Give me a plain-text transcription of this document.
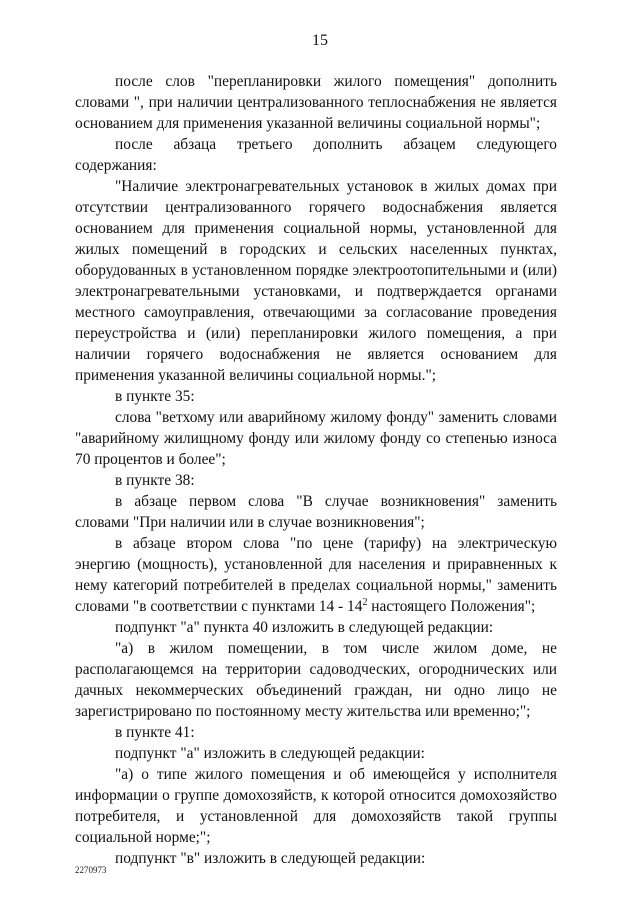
15

после слов "перепланировки жилого помещения" дополнить словами ", при наличии централизованного теплоснабжения не является основанием для применения указанной величины социальной нормы";

после абзаца третьего дополнить абзацем следующего содержания:

"Наличие электронагревательных установок в жилых домах при отсутствии централизованного горячего водоснабжения является основанием для применения социальной нормы, установленной для жилых помещений в городских и сельских населенных пунктах, оборудованных в установленном порядке электроотопительными и (или) электронагревательными установками, и подтверждается органами местного самоуправления, отвечающими за согласование проведения переустройства и (или) перепланировки жилого помещения, а при наличии горячего водоснабжения не является основанием для применения указанной величины социальной нормы.";

в пункте 35:

слова "ветхому или аварийному жилому фонду" заменить словами "аварийному жилищному фонду или жилому фонду со степенью износа 70 процентов и более";

в пункте 38:

в абзаце первом слова "В случае возникновения" заменить словами "При наличии или в случае возникновения";

в абзаце втором слова "по цене (тарифу) на электрическую энергию (мощность), установленной для населения и приравненных к нему категорий потребителей в пределах социальной нормы," заменить словами "в соответствии с пунктами $14 - 14^2$ настоящего Положения";

подпункт "а" пункта 40 изложить в следующей редакции:

"а) в жилом помещении, в том числе жилом доме, не располагающемся на территории садоводческих, огороднических или дачных некоммерческих объединений граждан, ни одно лицо не зарегистрировано по постоянному месту жительства или временно;";

в пункте 41:

подпункт "а" изложить в следующей редакции:

"а) о типе жилого помещения и об имеющейся у исполнителя информации о группе домохозяйств, к которой относится домохозяйство потребителя, и установленной для домохозяйств такой группы социальной норме;";

подпункт "в" изложить в следующей редакции:

2270973
